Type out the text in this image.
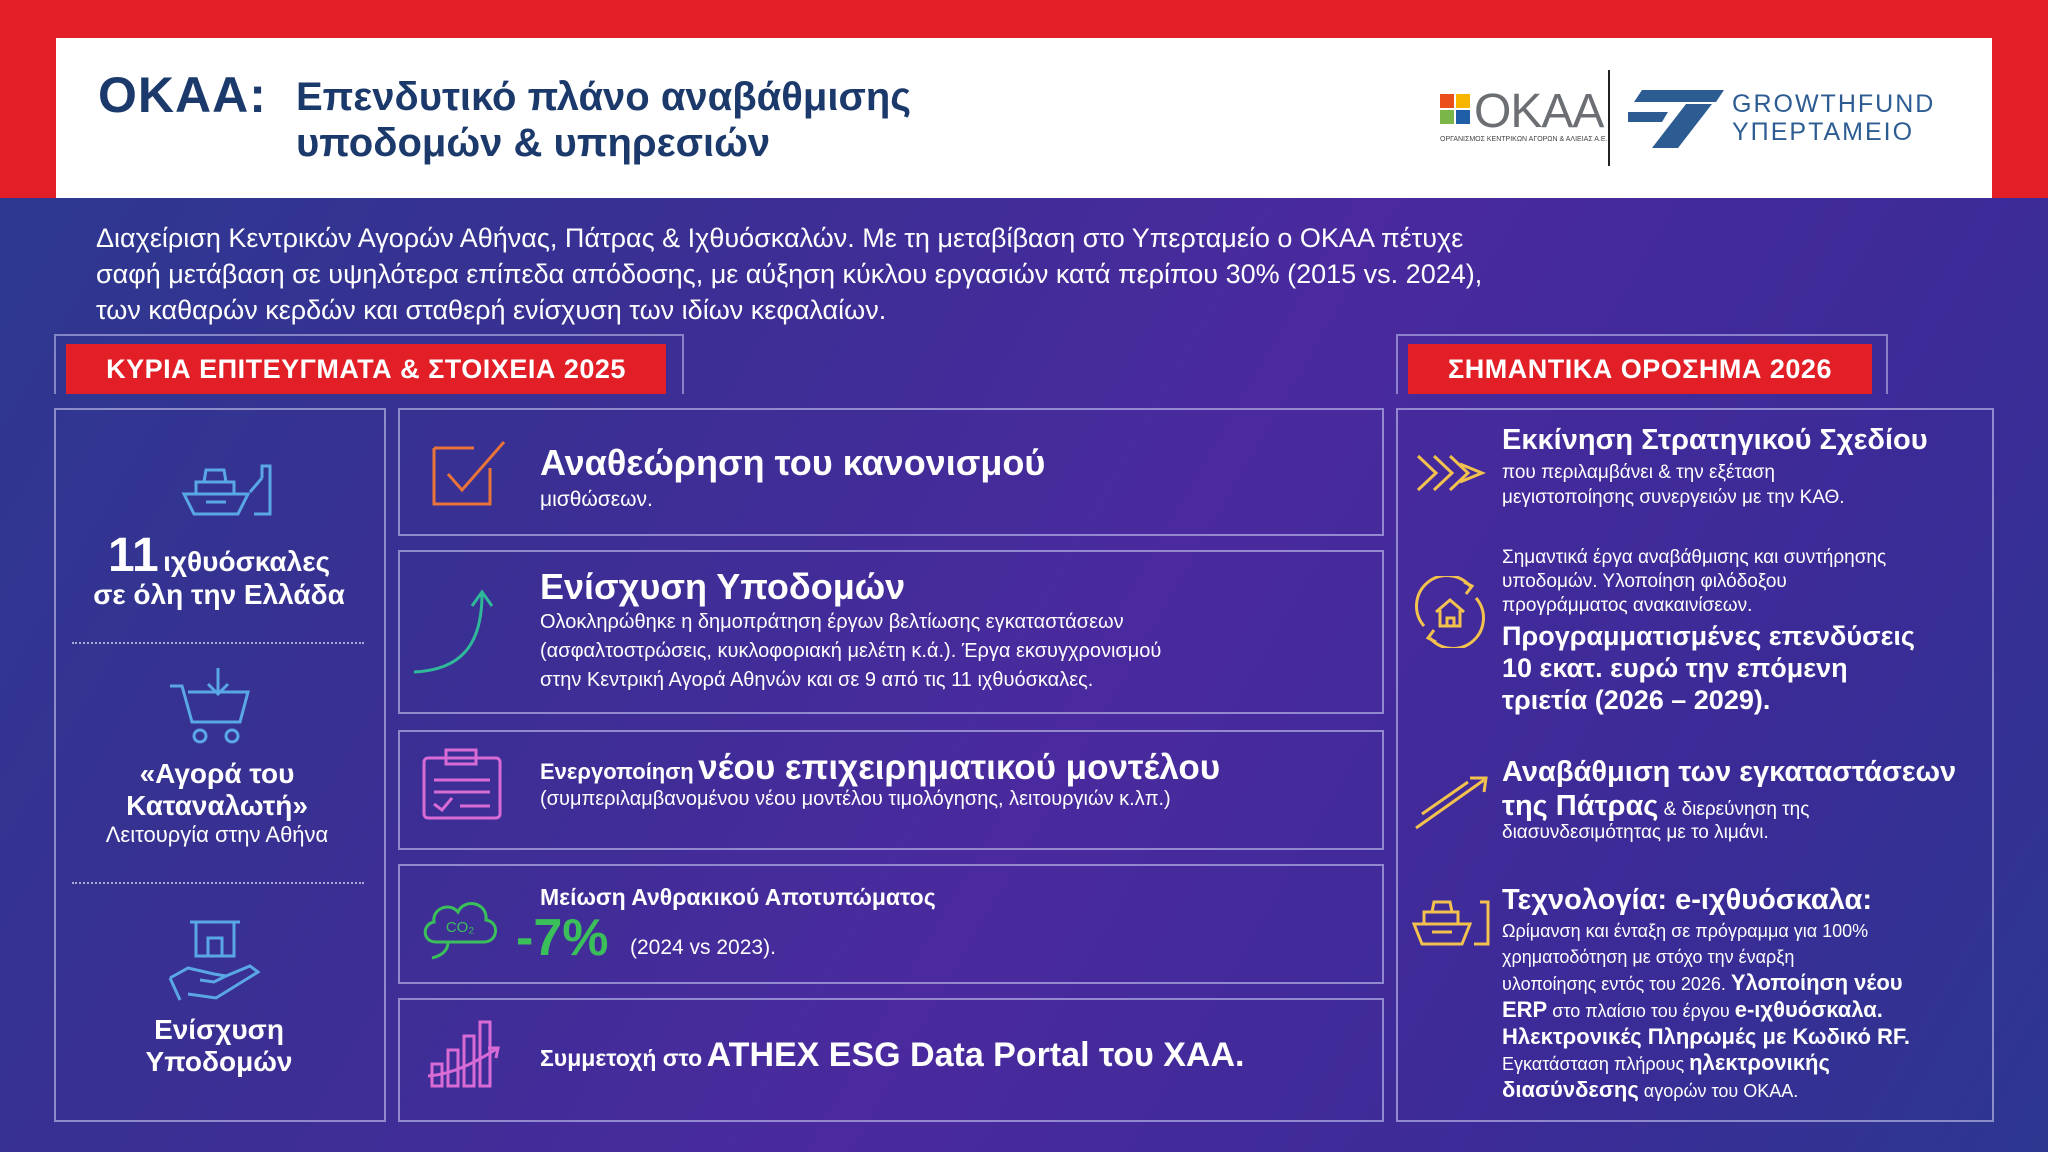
ΟΚΑΑ: Επενδυτικό πλάνο αναβάθμισης
υποδομών & υπηρεσιών
ΟΚΑΑ
ΟΡΓΑΝΙΣΜΟΣ ΚΕΝΤΡΙΚΩΝ ΑΓΟΡΩΝ & ΑΛΙΕΙΑΣ Α.Ε.
GROWTHFUND
ΥΠΕΡΤΑΜΕΙΟ
Διαχείριση Κεντρικών Αγορών Αθήνας, Πάτρας & Ιχθυόσκαλών. Με τη μεταβίβαση στο Υπερταμείο ο ΟΚΑΑ πέτυχε
σαφή μετάβαση σε υψηλότερα επίπεδα απόδοσης, με αύξηση κύκλου εργασιών κατά περίπου 30% (2015 vs. 2024),
των καθαρών κερδών και σταθερή ενίσχυση των ιδίων κεφαλαίων.
ΚΥΡΙΑ ΕΠΙΤΕΥΓΜΑΤΑ & ΣΤΟΙΧΕΙΑ 2025
11 ιχθυόσκαλες
σε όλη την Ελλάδα
«Αγορά του
Καταναλωτή»
Λειτουργία στην Αθήνα
Ενίσχυση
Υποδομών
Αναθεώρηση του κανονισμού
μισθώσεων.
Ενίσχυση Υποδομών
Ολοκληρώθηκε η δημοπράτηση έργων βελτίωσης εγκαταστάσεων
(ασφαλτοστρώσεις, κυκλοφοριακή μελέτη κ.ά.). Έργα εκσυγχρονισμού
στην Κεντρική Αγορά Αθηνών και σε 9 από τις 11 ιχθυόσκαλες.
Ενεργοποίηση νέου επιχειρηματικού μοντέλου
(συμπεριλαμβανομένου νέου μοντέλου τιμολόγησης, λειτουργιών κ.λπ.)
CO₂
Μείωση Ανθρακικού Αποτυπώματος
-7% (2024 vs 2023).
Συμμετοχή στο ATHEX ESG Data Portal του ΧΑΑ.
ΣΗΜΑΝΤΙΚΑ ΟΡΟΣΗΜΑ 2026
Εκκίνηση Στρατηγικού Σχεδίου
που περιλαμβάνει & την εξέταση
μεγιστοποίησης συνεργειών με την ΚΑΘ.
Σημαντικά έργα αναβάθμισης και συντήρησης
υποδομών. Υλοποίηση φιλόδοξου
προγράμματος ανακαινίσεων.
Προγραμματισμένες επενδύσεις
10 εκατ. ευρώ την επόμενη
τριετία (2026 – 2029).
Αναβάθμιση των εγκαταστάσεων
της Πάτρας & διερεύνηση της
διασυνδεσιμότητας με το λιμάνι.
Τεχνολογία: e-ιχθυόσκαλα:
Ωρίμανση και ένταξη σε πρόγραμμα για 100%
χρηματοδότηση με στόχο την έναρξη
υλοποίησης εντός του 2026. Υλοποίηση νέου
ERP στο πλαίσιο του έργου e-ιχθυόσκαλα.
Ηλεκτρονικές Πληρωμές με Κωδικό RF.
Εγκατάσταση πλήρους ηλεκτρονικής
διασύνδεσης αγορών του ΟΚΑΑ.
